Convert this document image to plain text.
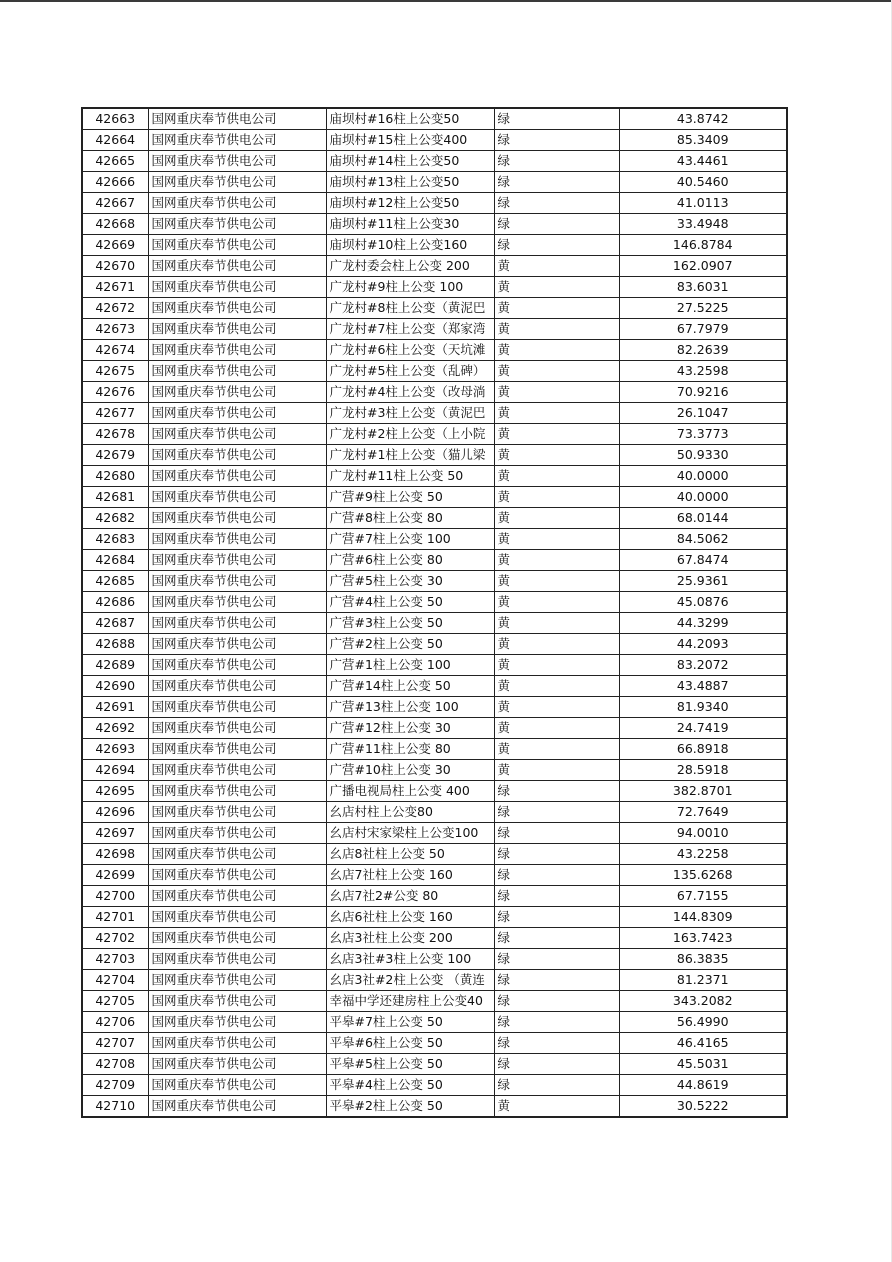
42663	国网重庆奉节供电公司	庙坝村#16柱上公变50	绿	43.8742
42664	国网重庆奉节供电公司	庙坝村#15柱上公变400	绿	85.3409
42665	国网重庆奉节供电公司	庙坝村#14柱上公变50	绿	43.4461
42666	国网重庆奉节供电公司	庙坝村#13柱上公变50	绿	40.5460
42667	国网重庆奉节供电公司	庙坝村#12柱上公变50	绿	41.0113
42668	国网重庆奉节供电公司	庙坝村#11柱上公变30	绿	33.4948
42669	国网重庆奉节供电公司	庙坝村#10柱上公变160	绿	146.8784
42670	国网重庆奉节供电公司	广龙村委会柱上公变 200	黄	162.0907
42671	国网重庆奉节供电公司	广龙村#9柱上公变 100	黄	83.6031
42672	国网重庆奉节供电公司	广龙村#8柱上公变（黄泥巴	黄	27.5225
42673	国网重庆奉节供电公司	广龙村#7柱上公变（郑家湾	黄	67.7979
42674	国网重庆奉节供电公司	广龙村#6柱上公变（天坑滩	黄	82.2639
42675	国网重庆奉节供电公司	广龙村#5柱上公变（乱碑）	黄	43.2598
42676	国网重庆奉节供电公司	广龙村#4柱上公变（改母淌	黄	70.9216
42677	国网重庆奉节供电公司	广龙村#3柱上公变（黄泥巴	黄	26.1047
42678	国网重庆奉节供电公司	广龙村#2柱上公变（上小院	黄	73.3773
42679	国网重庆奉节供电公司	广龙村#1柱上公变（猫儿梁	黄	50.9330
42680	国网重庆奉节供电公司	广龙村#11柱上公变 50	黄	40.0000
42681	国网重庆奉节供电公司	广营#9柱上公变 50	黄	40.0000
42682	国网重庆奉节供电公司	广营#8柱上公变 80	黄	68.0144
42683	国网重庆奉节供电公司	广营#7柱上公变 100	黄	84.5062
42684	国网重庆奉节供电公司	广营#6柱上公变 80	黄	67.8474
42685	国网重庆奉节供电公司	广营#5柱上公变 30	黄	25.9361
42686	国网重庆奉节供电公司	广营#4柱上公变 50	黄	45.0876
42687	国网重庆奉节供电公司	广营#3柱上公变 50	黄	44.3299
42688	国网重庆奉节供电公司	广营#2柱上公变 50	黄	44.2093
42689	国网重庆奉节供电公司	广营#1柱上公变 100	黄	83.2072
42690	国网重庆奉节供电公司	广营#14柱上公变 50	黄	43.4887
42691	国网重庆奉节供电公司	广营#13柱上公变 100	黄	81.9340
42692	国网重庆奉节供电公司	广营#12柱上公变 30	黄	24.7419
42693	国网重庆奉节供电公司	广营#11柱上公变 80	黄	66.8918
42694	国网重庆奉节供电公司	广营#10柱上公变 30	黄	28.5918
42695	国网重庆奉节供电公司	广播电视局柱上公变 400	绿	382.8701
42696	国网重庆奉节供电公司	幺店村柱上公变80	绿	72.7649
42697	国网重庆奉节供电公司	幺店村宋家梁柱上公变100	绿	94.0010
42698	国网重庆奉节供电公司	幺店8社柱上公变 50	绿	43.2258
42699	国网重庆奉节供电公司	幺店7社柱上公变 160	绿	135.6268
42700	国网重庆奉节供电公司	幺店7社2#公变 80	绿	67.7155
42701	国网重庆奉节供电公司	幺店6社柱上公变 160	绿	144.8309
42702	国网重庆奉节供电公司	幺店3社柱上公变 200	绿	163.7423
42703	国网重庆奉节供电公司	幺店3社#3柱上公变 100	绿	86.3835
42704	国网重庆奉节供电公司	幺店3社#2柱上公变 （黄连	绿	81.2371
42705	国网重庆奉节供电公司	幸福中学还建房柱上公变40	绿	343.2082
42706	国网重庆奉节供电公司	平皋#7柱上公变 50	绿	56.4990
42707	国网重庆奉节供电公司	平皋#6柱上公变 50	绿	46.4165
42708	国网重庆奉节供电公司	平皋#5柱上公变 50	绿	45.5031
42709	国网重庆奉节供电公司	平皋#4柱上公变 50	绿	44.8619
42710	国网重庆奉节供电公司	平皋#2柱上公变 50	黄	30.5222
